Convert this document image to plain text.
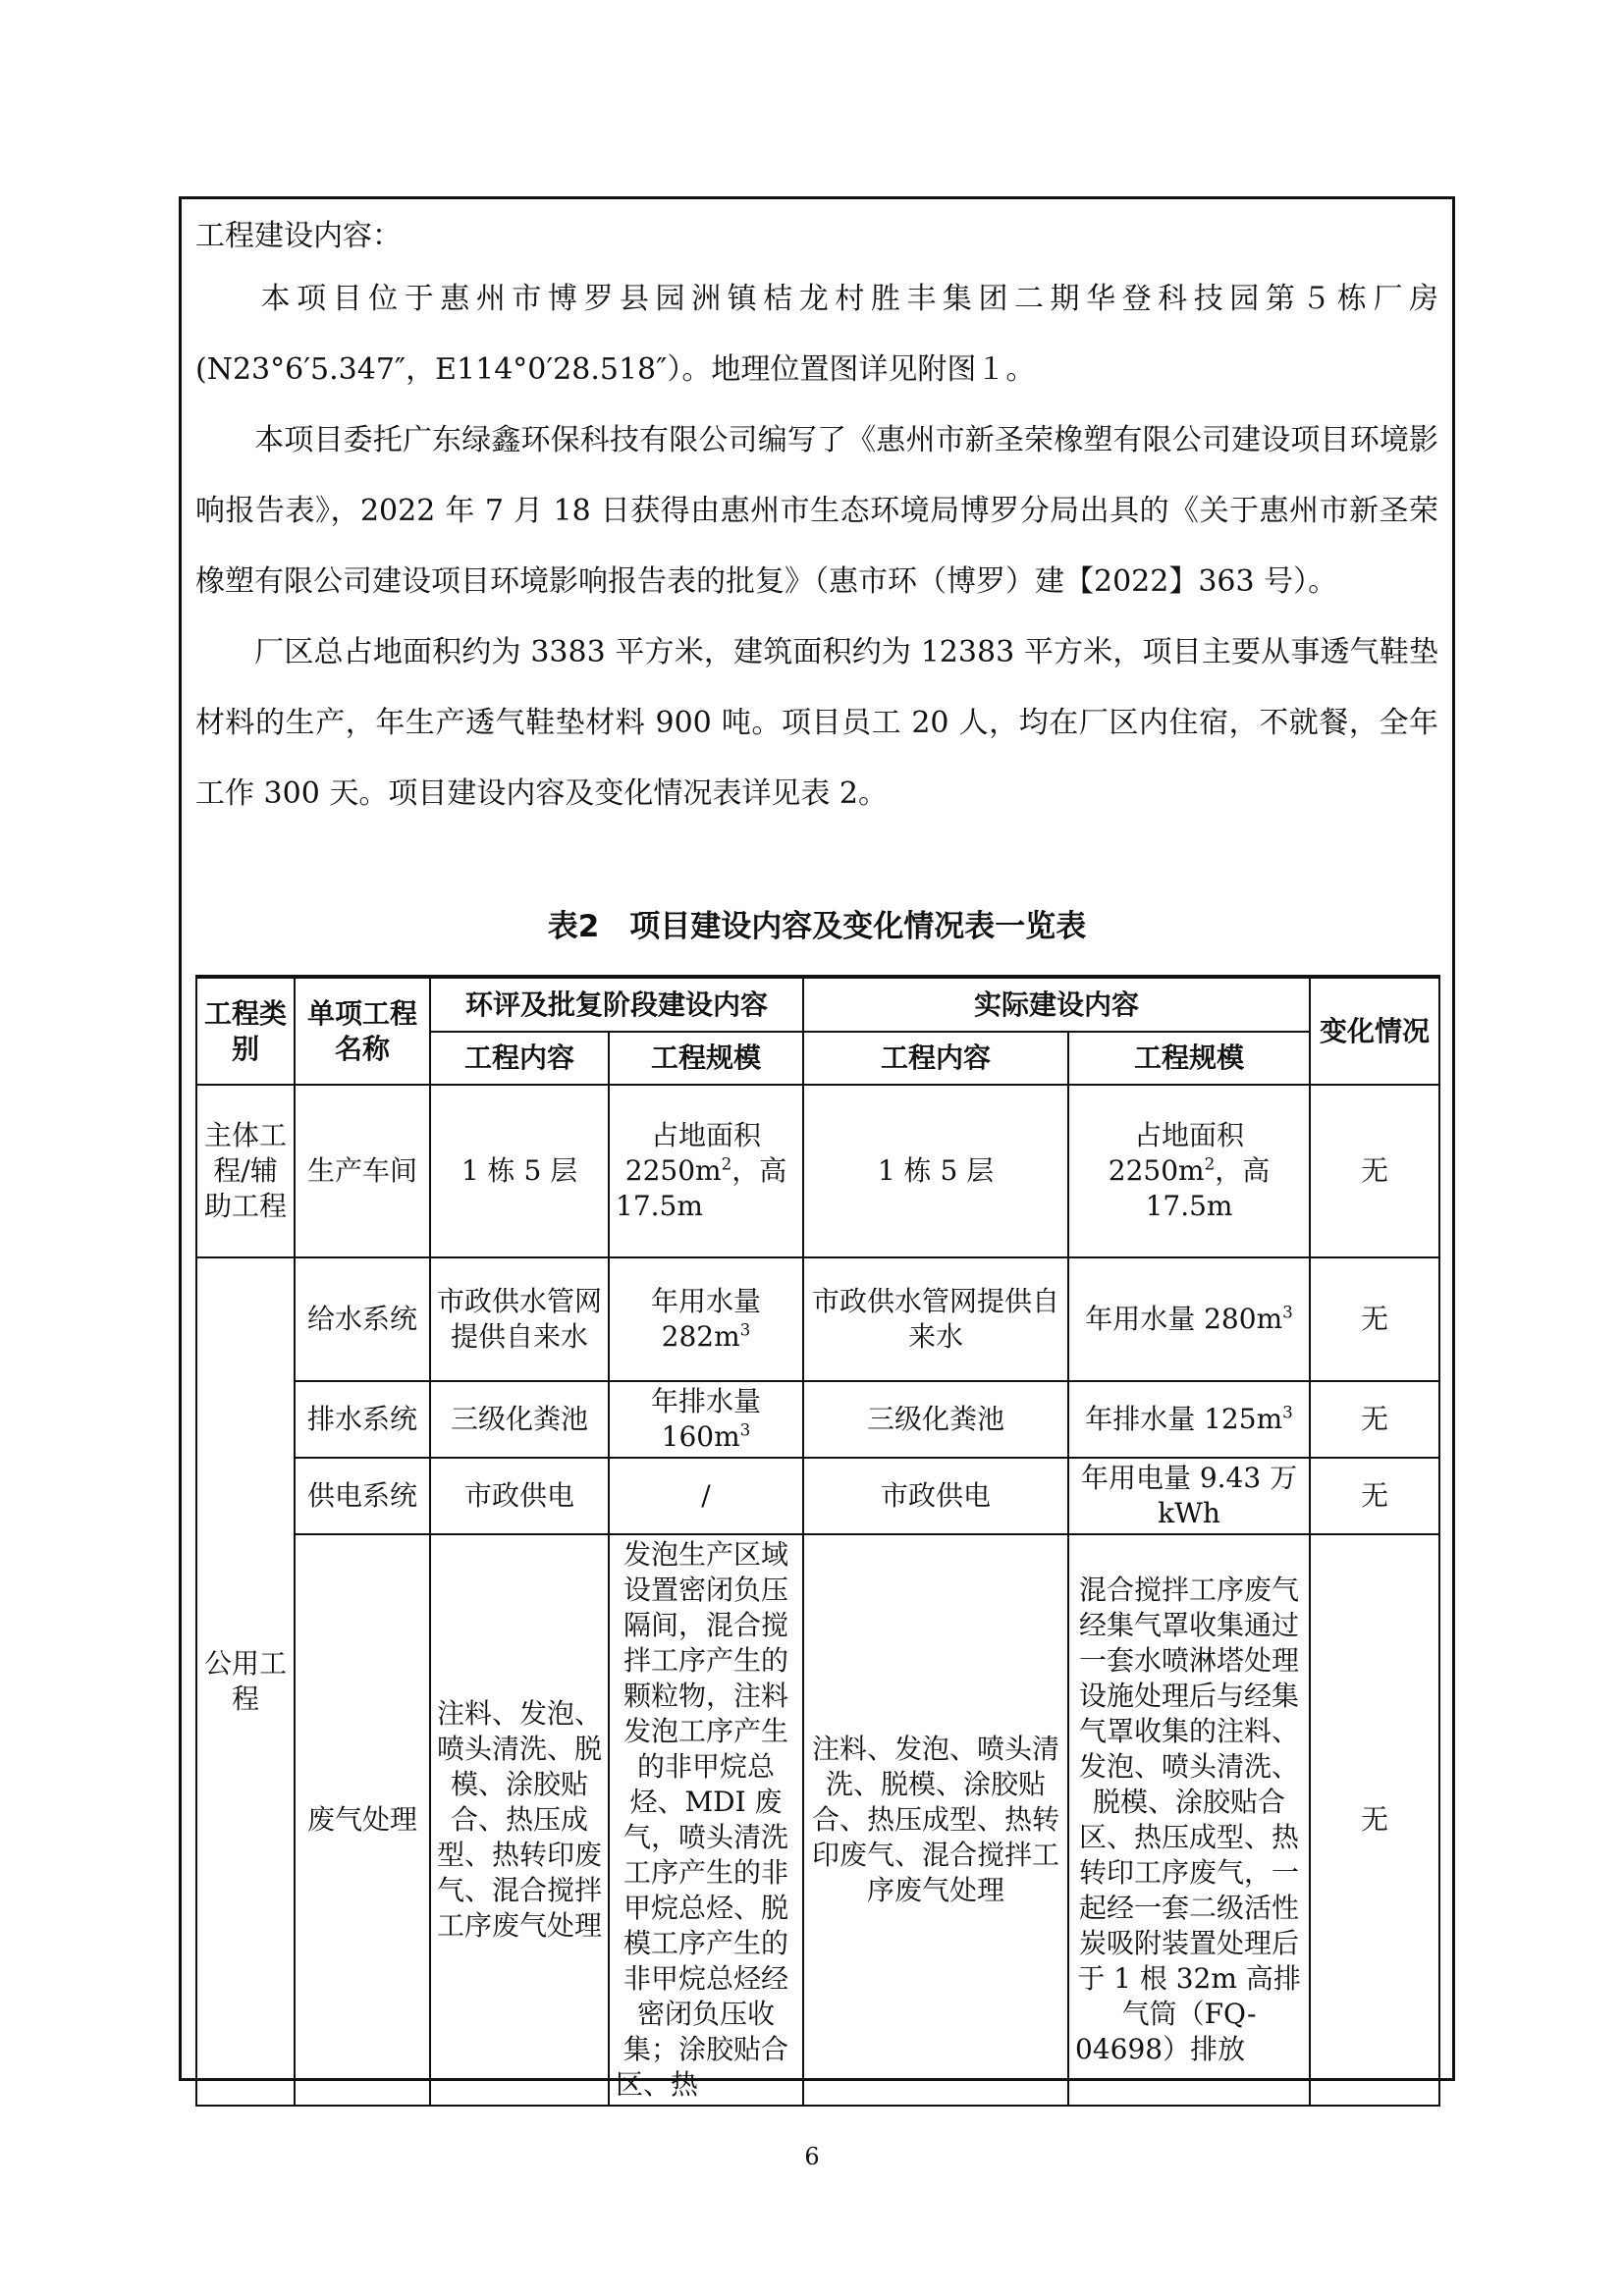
工程建设内容：

本项目位于惠州市博罗县园洲镇桔龙村胜丰集团二期华登科技园第５栋厂房(N23°6′5.347″，E114°0′28.518″）。地理位置图详见附图１。

本项目委托广东绿鑫环保科技有限公司编写了《惠州市新圣荣橡塑有限公司建设项目环境影响报告表》，2022 年 7 月 18 日获得由惠州市生态环境局博罗分局出具的《关于惠州市新圣荣橡塑有限公司建设项目环境影响报告表的批复》（惠市环（博罗）建【2022】363 号）。

厂区总占地面积约为 3383 平方米，建筑面积约为 12383 平方米，项目主要从事透气鞋垫材料的生产，年生产透气鞋垫材料 900 吨。项目员工 20 人，均在厂区内住宿，不就餐，全年工作 300 天。项目建设内容及变化情况表详见表 2。

表2　项目建设内容及变化情况表一览表
工程类别	单项工程名称	环评及批复阶段建设内容		实际建设内容		变化情况
		工程内容	工程规模	工程内容	工程规模	
主体工程/辅助工程	生产车间	1 栋 5 层	占地面积 $2250m^2$，高 17.5m	1 栋 5 层	占地面积 $2250m^2$，高 17.5m	无
公用工程	给水系统	市政供水管网提供自来水	年用水量 $282m^3$	市政供水管网提供自来水	年用水量 $280m^3$	无
	排水系统	三级化粪池	年排水量 $160m^3$	三级化粪池	年排水量 $125m^3$	无
	供电系统	市政供电	/	市政供电	年用电量 9.43 万 kWh	无
	废气处理	注料、发泡、喷头清洗、脱模、涂胶贴合、热压成型、热转印废气、混合搅拌工序废气处理	发泡生产区域设置密闭负压隔间，混合搅拌工序产生的颗粒物，注料发泡工序产生的非甲烷总烃、MDI 废气，喷头清洗工序产生的非甲烷总烃、脱模工序产生的非甲烷总烃经密闭负压收集；涂胶贴合区、热	注料、发泡、喷头清洗、脱模、涂胶贴合、热压成型、热转印废气、混合搅拌工序废气处理	混合搅拌工序废气经集气罩收集通过一套水喷淋塔处理设施处理后与经集气罩收集的注料、发泡、喷头清洗、脱模、涂胶贴合区、热压成型、热转印工序废气，一起经一套二级活性炭吸附装置处理后于 1 根 32m 高排气筒（FQ-04698）排放	无
6
